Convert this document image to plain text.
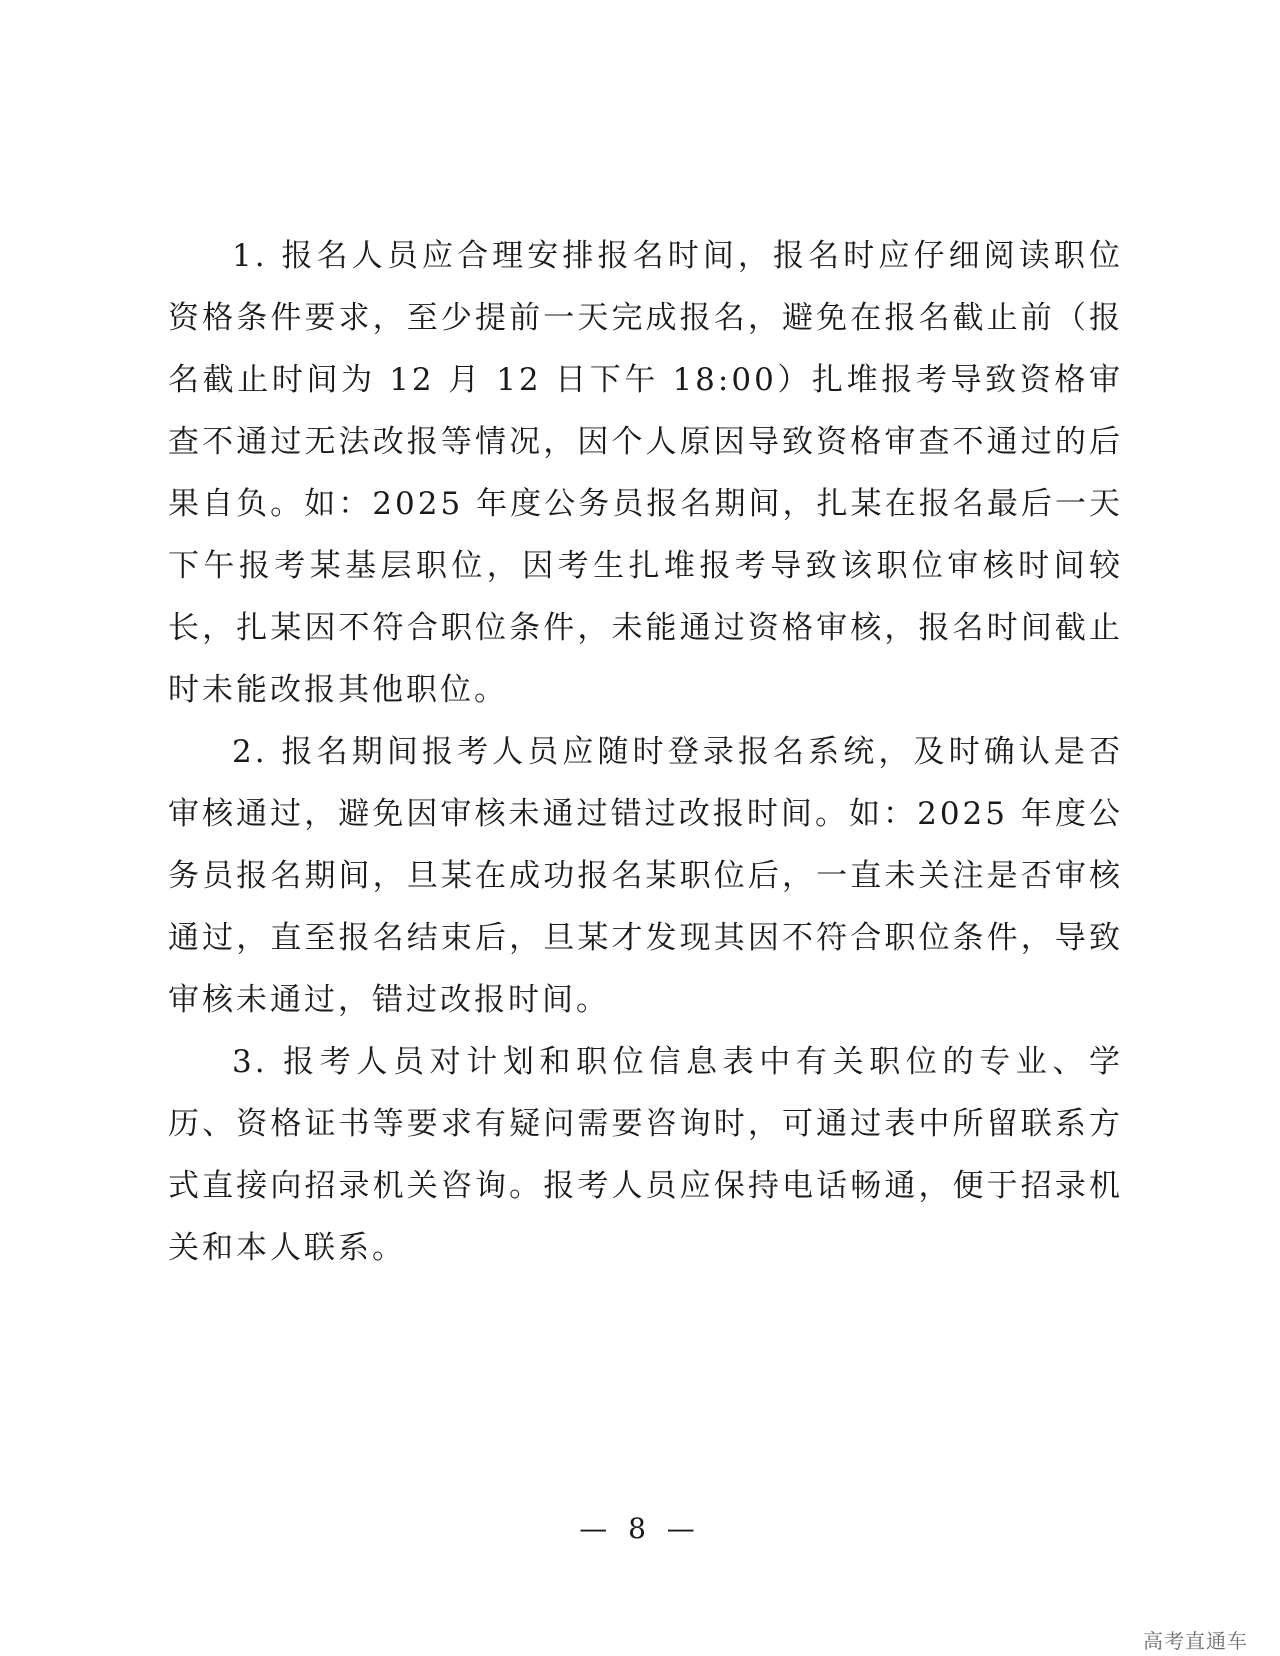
1. 报名人员应合理安排报名时间，报名时应仔细阅读职位资格条件要求，至少提前一天完成报名，避免在报名截止前（报名截止时间为 12 月 12 日下午 18:00）扎堆报考导致资格审查不通过无法改报等情况，因个人原因导致资格审查不通过的后果自负。如：2025 年度公务员报名期间，扎某在报名最后一天下午报考某基层职位，因考生扎堆报考导致该职位审核时间较长，扎某因不符合职位条件，未能通过资格审核，报名时间截止时未能改报其他职位。

2. 报名期间报考人员应随时登录报名系统，及时确认是否审核通过，避免因审核未通过错过改报时间。如：2025 年度公务员报名期间，旦某在成功报名某职位后，一直未关注是否审核通过，直至报名结束后，旦某才发现其因不符合职位条件，导致审核未通过，错过改报时间。

3. 报考人员对计划和职位信息表中有关职位的专业、学历、资格证书等要求有疑问需要咨询时，可通过表中所留联系方式直接向招录机关咨询。报考人员应保持电话畅通，便于招录机关和本人联系。

— 8 —
高考直通车
